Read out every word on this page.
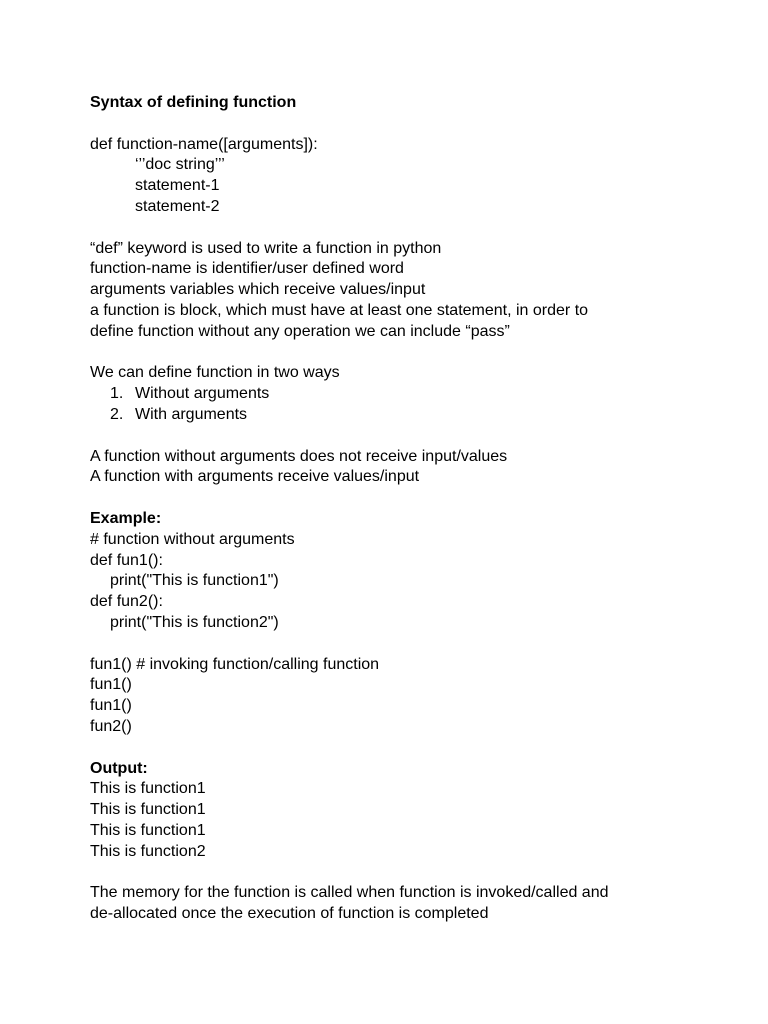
Syntax of defining function
def function-name([arguments]):
‘’’doc string’’’
statement-1
statement-2
“def” keyword is used to write a function in python
function-name is identifier/user defined word
arguments variables which receive values/input
a function is block, which must have at least one statement, in order to
define function without any operation we can include “pass”
We can define function in two ways
1. Without arguments
2. With arguments
A function without arguments does not receive input/values
A function with arguments receive values/input
Example:
# function without arguments
def fun1():
print("This is function1")
def fun2():
print("This is function2")
fun1() # invoking function/calling function
fun1()
fun1()
fun2()
Output:
This is function1
This is function1
This is function1
This is function2
The memory for the function is called when function is invoked/called and
de-allocated once the execution of function is completed
